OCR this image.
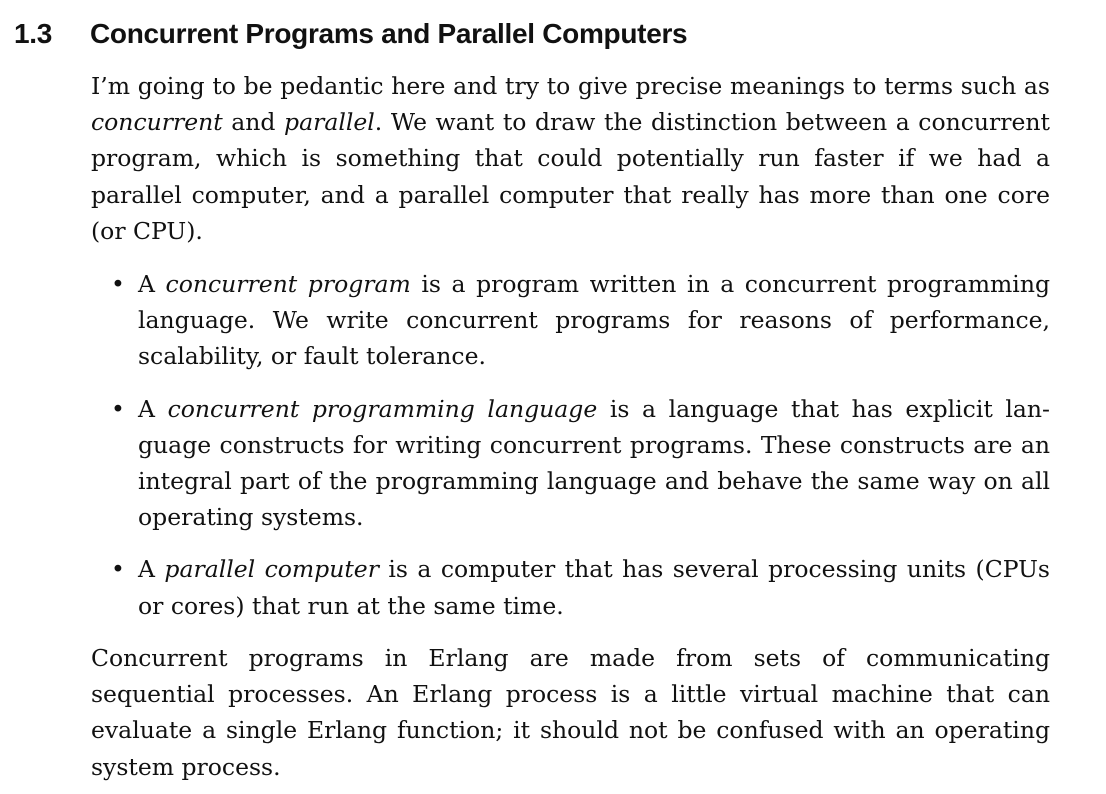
1.3	Concurrent Programs and Parallel Computers

I’m going to be pedantic here and try to give precise meanings to terms such as concurrent and parallel. We want to draw the distinction between a concurrent program, which is something that could potentially run faster if we had a parallel computer, and a parallel computer that really has more than one core (or CPU).

• A concurrent program is a program written in a concurrent programming language. We write concurrent programs for reasons of performance, scalability, or fault tolerance.
• A concurrent programming language is a language that has explicit language constructs for writing concurrent programs. These constructs are an integral part of the programming language and behave the same way on all operating systems.
• A parallel computer is a computer that has several processing units (CPUs or cores) that run at the same time.

Concurrent programs in Erlang are made from sets of communicating sequential processes. An Erlang process is a little virtual machine that can evaluate a single Erlang function; it should not be confused with an operating system process.
